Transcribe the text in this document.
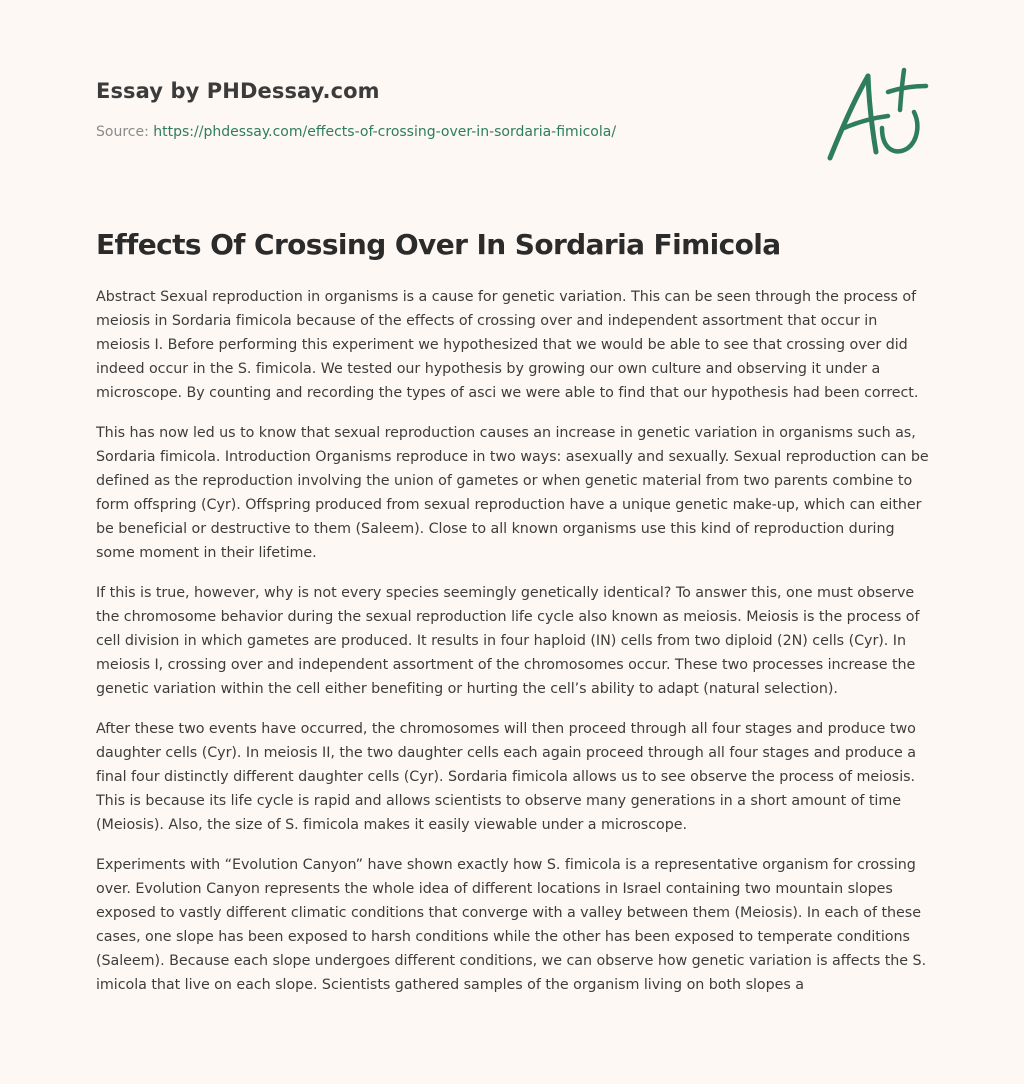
Essay by PHDessay.com
Source: https://phdessay.com/effects-of-crossing-over-in-sordaria-fimicola/
Effects Of Crossing Over In Sordaria Fimicola

Abstract Sexual reproduction in organisms is a cause for genetic variation. This can be seen through the process of meiosis in Sordaria fimicola because of the effects of crossing over and independent assortment that occur in meiosis I. Before performing this experiment we hypothesized that we would be able to see that crossing over did indeed occur in the S. fimicola. We tested our hypothesis by growing our own culture and observing it under a microscope. By counting and recording the types of asci we were able to find that our hypothesis had been correct.

This has now led us to know that sexual reproduction causes an increase in genetic variation in organisms such as, Sordaria fimicola. Introduction Organisms reproduce in two ways: asexually and sexually. Sexual reproduction can be defined as the reproduction involving the union of gametes or when genetic material from two parents combine to form offspring (Cyr). Offspring produced from sexual reproduction have a unique genetic make-up, which can either be beneficial or destructive to them (Saleem). Close to all known organisms use this kind of reproduction during some moment in their lifetime.

If this is true, however, why is not every species seemingly genetically identical? To answer this, one must observe the chromosome behavior during the sexual reproduction life cycle also known as meiosis. Meiosis is the process of cell division in which gametes are produced. It results in four haploid (IN) cells from two diploid (2N) cells (Cyr). In meiosis I, crossing over and independent assortment of the chromosomes occur. These two processes increase the genetic variation within the cell either benefiting or hurting the cell’s ability to adapt (natural selection).

After these two events have occurred, the chromosomes will then proceed through all four stages and produce two daughter cells (Cyr). In meiosis II, the two daughter cells each again proceed through all four stages and produce a final four distinctly different daughter cells (Cyr). Sordaria fimicola allows us to see observe the process of meiosis. This is because its life cycle is rapid and allows scientists to observe many generations in a short amount of time (Meiosis). Also, the size of S. fimicola makes it easily viewable under a microscope.

Experiments with “Evolution Canyon” have shown exactly how S. fimicola is a representative organism for crossing over. Evolution Canyon represents the whole idea of different locations in Israel containing two mountain slopes exposed to vastly different climatic conditions that converge with a valley between them (Meiosis). In each of these cases, one slope has been exposed to harsh conditions while the other has been exposed to temperate conditions (Saleem). Because each slope undergoes different conditions, we can observe how genetic variation is affects the S. imicola that live on each slope. Scientists gathered samples of the organism living on both slopes a
